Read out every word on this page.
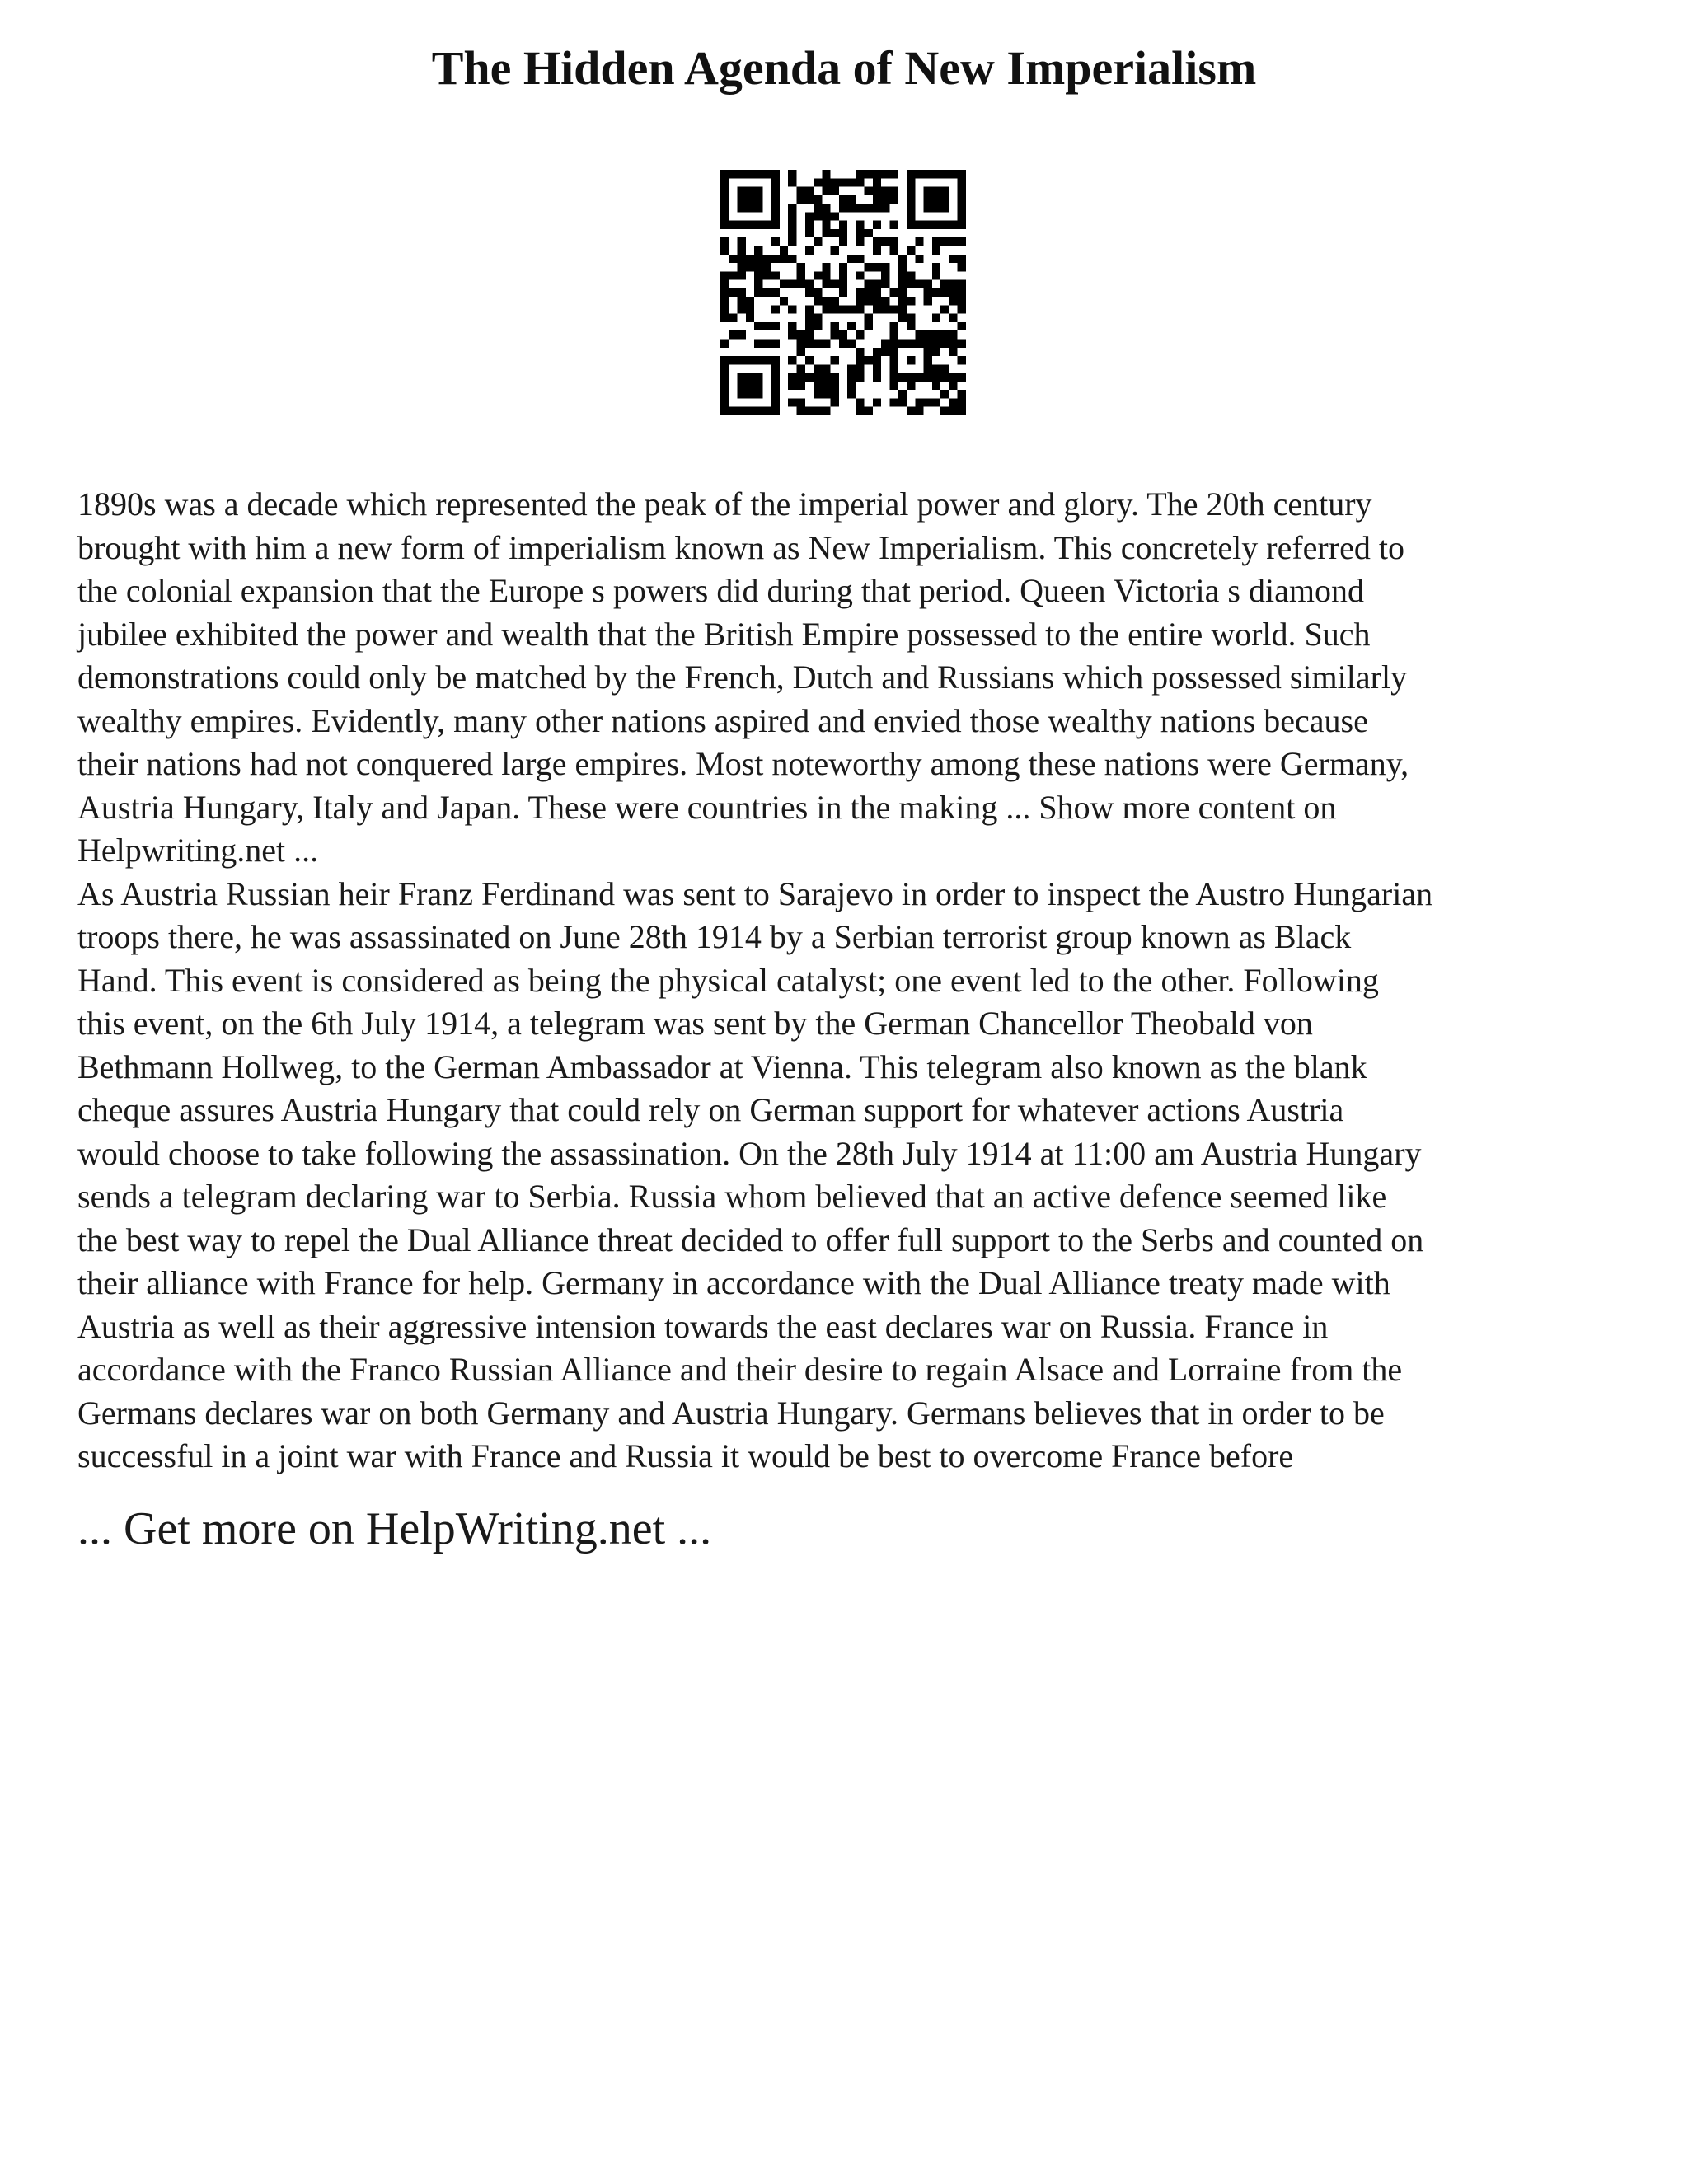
The Hidden Agenda of New Imperialism

1890s was a decade which represented the peak of the imperial power and glory. The 20th century
brought with him a new form of imperialism known as New Imperialism. This concretely referred to
the colonial expansion that the Europe s powers did during that period. Queen Victoria s diamond
jubilee exhibited the power and wealth that the British Empire possessed to the entire world. Such
demonstrations could only be matched by the French, Dutch and Russians which possessed similarly
wealthy empires. Evidently, many other nations aspired and envied those wealthy nations because
their nations had not conquered large empires. Most noteworthy among these nations were Germany,
Austria Hungary, Italy and Japan. These were countries in the making ... Show more content on
Helpwriting.net ...

As Austria Russian heir Franz Ferdinand was sent to Sarajevo in order to inspect the Austro Hungarian
troops there, he was assassinated on June 28th 1914 by a Serbian terrorist group known as Black
Hand. This event is considered as being the physical catalyst; one event led to the other. Following
this event, on the 6th July 1914, a telegram was sent by the German Chancellor Theobald von
Bethmann Hollweg, to the German Ambassador at Vienna. This telegram also known as the blank
cheque assures Austria Hungary that could rely on German support for whatever actions Austria
would choose to take following the assassination. On the 28th July 1914 at 11:00 am Austria Hungary
sends a telegram declaring war to Serbia. Russia whom believed that an active defence seemed like
the best way to repel the Dual Alliance threat decided to offer full support to the Serbs and counted on
their alliance with France for help. Germany in accordance with the Dual Alliance treaty made with
Austria as well as their aggressive intension towards the east declares war on Russia. France in
accordance with the Franco Russian Alliance and their desire to regain Alsace and Lorraine from the
Germans declares war on both Germany and Austria Hungary. Germans believes that in order to be
successful in a joint war with France and Russia it would be best to overcome France before

... Get more on HelpWriting.net ...
